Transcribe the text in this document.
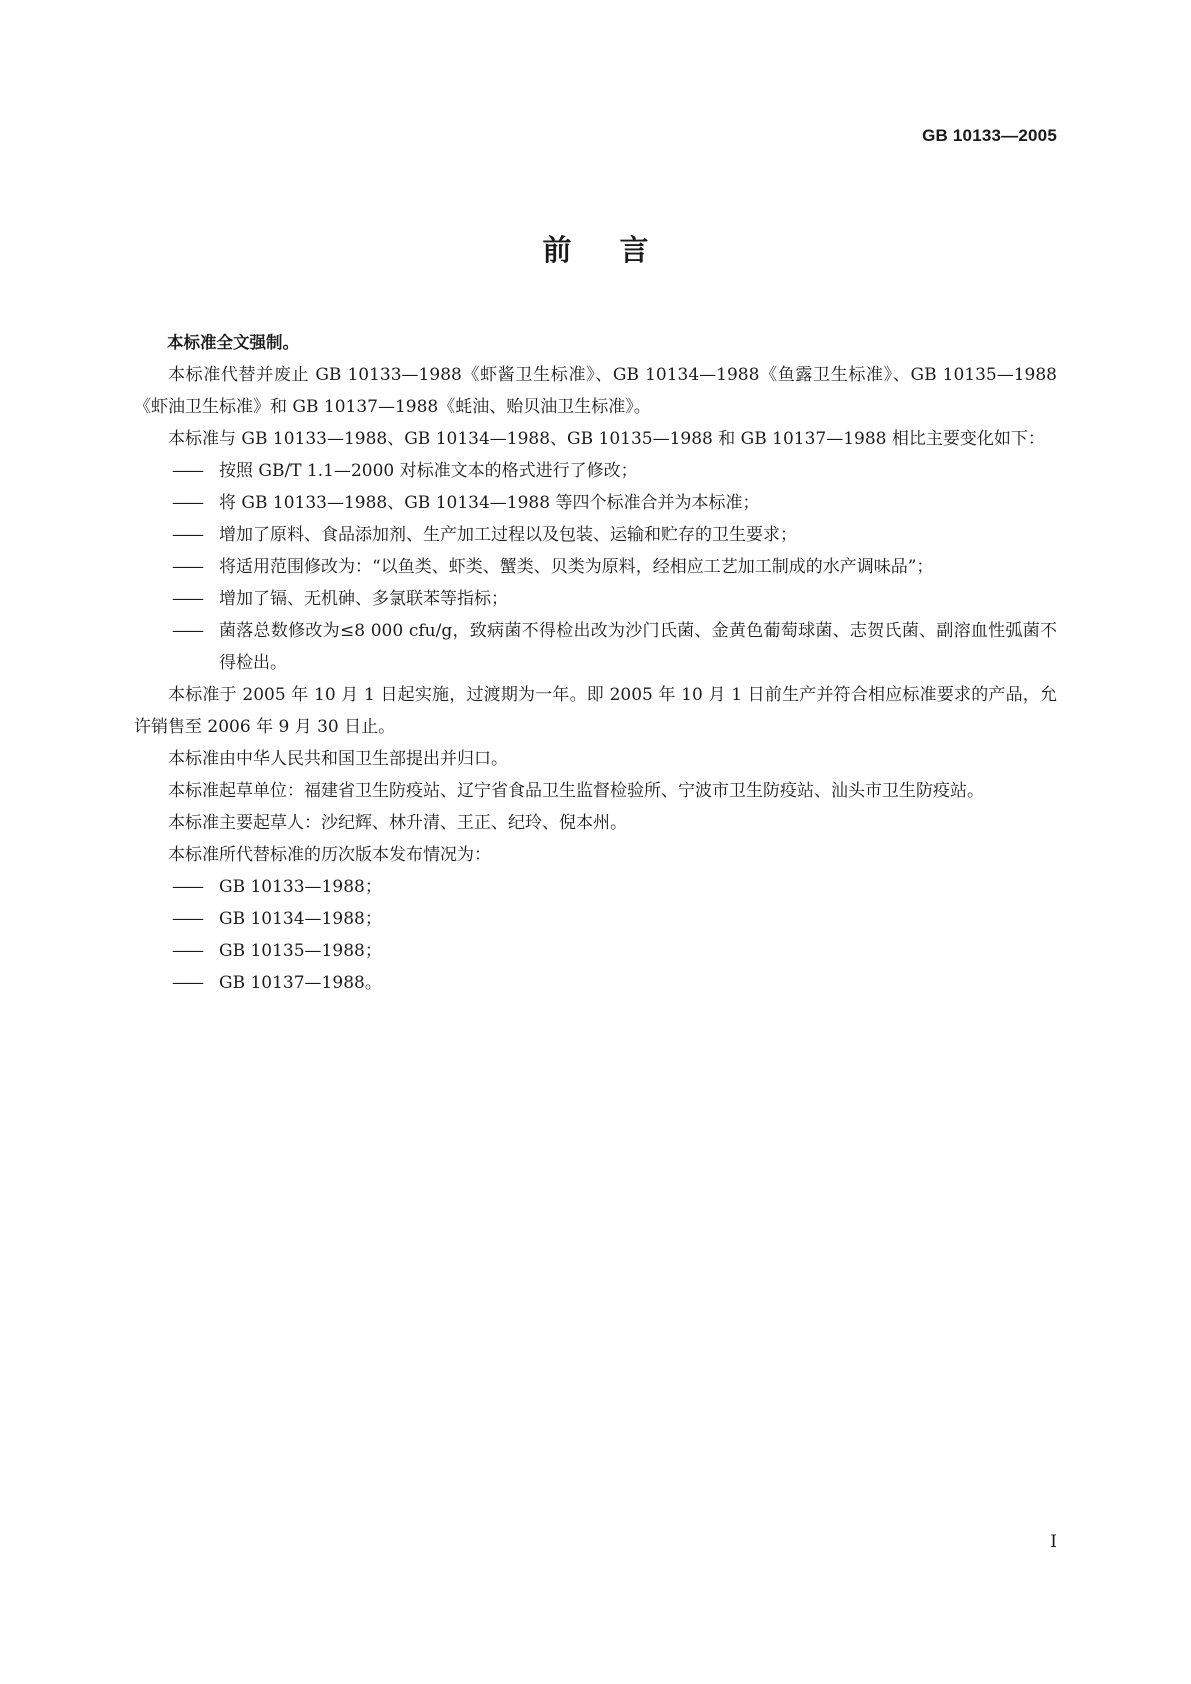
GB 10133—2005
前言

本标准全文强制。

本标准代替并废止 GB 10133—1988《虾酱卫生标准》、GB 10134—1988《鱼露卫生标准》、GB 10135—1988《虾油卫生标准》和 GB 10137—1988《蚝油、贻贝油卫生标准》。

本标准与 GB 10133—1988、GB 10134—1988、GB 10135—1988 和 GB 10137—1988 相比主要变化如下：

—— 按照 GB/T 1.1—2000 对标准文本的格式进行了修改；
—— 将 GB 10133—1988、GB 10134—1988 等四个标准合并为本标准；
—— 增加了原料、食品添加剂、生产加工过程以及包装、运输和贮存的卫生要求；
—— 将适用范围修改为：“以鱼类、虾类、蟹类、贝类为原料，经相应工艺加工制成的水产调味品”；
—— 增加了镉、无机砷、多氯联苯等指标；
—— 菌落总数修改为≤8 000 cfu/g，致病菌不得检出改为沙门氏菌、金黄色葡萄球菌、志贺氏菌、副溶血性弧菌不得检出。

本标准于 2005 年 10 月 1 日起实施，过渡期为一年。即 2005 年 10 月 1 日前生产并符合相应标准要求的产品，允许销售至 2006 年 9 月 30 日止。

本标准由中华人民共和国卫生部提出并归口。

本标准起草单位：福建省卫生防疫站、辽宁省食品卫生监督检验所、宁波市卫生防疫站、汕头市卫生防疫站。

本标准主要起草人：沙纪辉、林升清、王正、纪玲、倪本州。

本标准所代替标准的历次版本发布情况为：

—— GB 10133—1988；
—— GB 10134—1988；
—— GB 10135—1988；
—— GB 10137—1988。
I
